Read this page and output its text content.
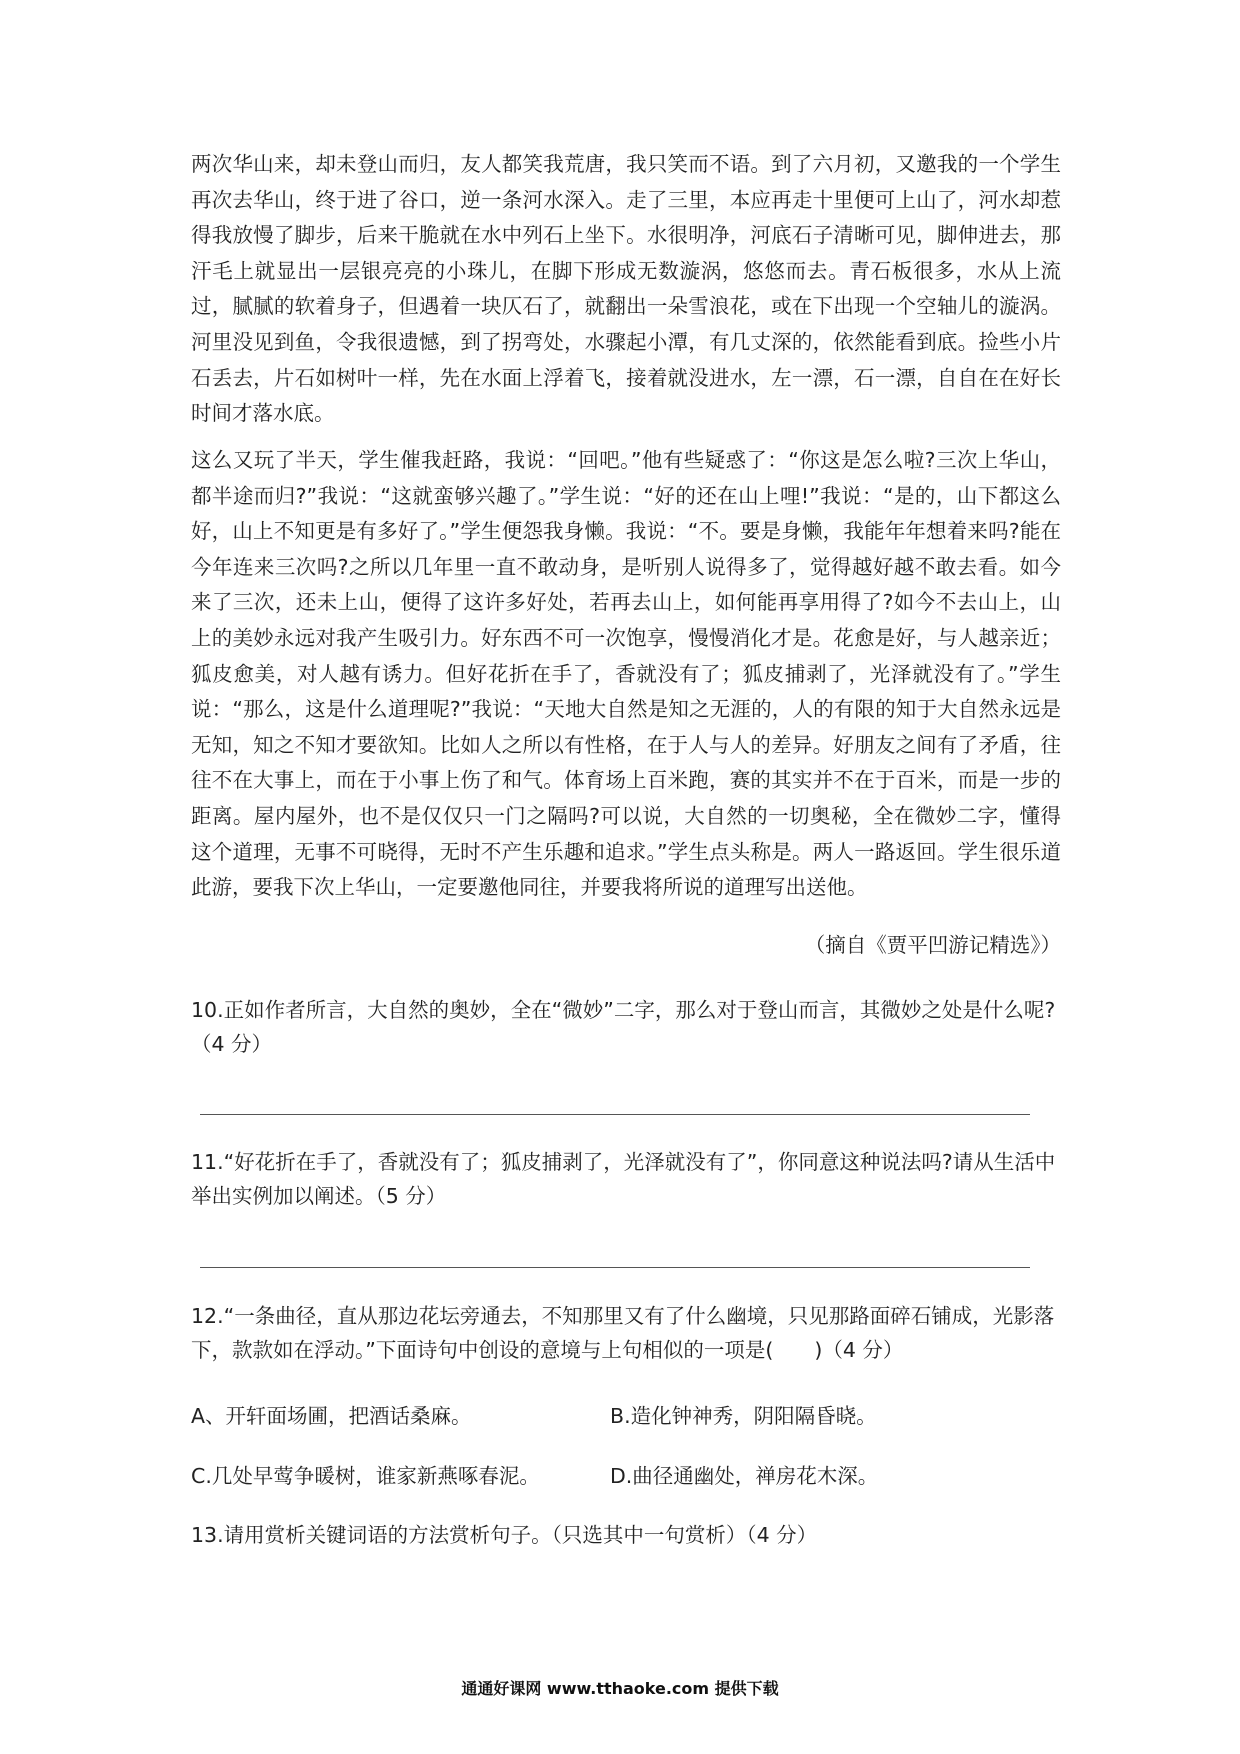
两次华山来，却未登山而归，友人都笑我荒唐，我只笑而不语。到了六月初，又邀我的一个学生再次去华山，终于进了谷口，逆一条河水深入。走了三里，本应再走十里便可上山了，河水却惹得我放慢了脚步，后来干脆就在水中列石上坐下。水很明净，河底石子清晰可见，脚伸进去，那汗毛上就显出一层银亮亮的小珠儿，在脚下形成无数漩涡，悠悠而去。青石板很多，水从上流过，腻腻的软着身子，但遇着一块仄石了，就翻出一朵雪浪花，或在下出现一个空轴儿的漩涡。河里没见到鱼，令我很遗憾，到了拐弯处，水骤起小潭，有几丈深的，依然能看到底。捡些小片石丢去，片石如树叶一样，先在水面上浮着飞，接着就没进水，左一漂，石一漂，自自在在好长时间才落水底。

这么又玩了半天，学生催我赶路，我说：“回吧。”他有些疑惑了：“你这是怎么啦?三次上华山，都半途而归?”我说：“这就蛮够兴趣了。”学生说：“好的还在山上哩!”我说：“是的，山下都这么好，山上不知更是有多好了。”学生便怨我身懒。我说：“不。要是身懒，我能年年想着来吗?能在今年连来三次吗?之所以几年里一直不敢动身，是听别人说得多了，觉得越好越不敢去看。如今来了三次，还未上山，便得了这许多好处，若再去山上，如何能再享用得了?如今不去山上，山上的美妙永远对我产生吸引力。好东西不可一次饱享，慢慢消化才是。花愈是好，与人越亲近；狐皮愈美，对人越有诱力。但好花折在手了，香就没有了；狐皮捕剥了，光泽就没有了。”学生说：“那么，这是什么道理呢?”我说：“天地大自然是知之无涯的，人的有限的知于大自然永远是无知，知之不知才要欲知。比如人之所以有性格，在于人与人的差异。好朋友之间有了矛盾，往往不在大事上，而在于小事上伤了和气。体育场上百米跑，赛的其实并不在于百米，而是一步的距离。屋内屋外，也不是仅仅只一门之隔吗?可以说，大自然的一切奥秘，全在微妙二字，懂得这个道理，无事不可晓得，无时不产生乐趣和追求。”学生点头称是。两人一路返回。学生很乐道此游，要我下次上华山，一定要邀他同往，并要我将所说的道理写出送他。

（摘自《贾平凹游记精选》）

10.正如作者所言，大自然的奥妙，全在“微妙”二字，那么对于登山而言，其微妙之处是什么呢?（4 分）

11.“好花折在手了，香就没有了；狐皮捕剥了，光泽就没有了”，你同意这种说法吗?请从生活中举出实例加以阐述。（5 分）

12.“一条曲径，直从那边花坛旁通去，不知那里又有了什么幽境，只见那路面碎石铺成，光影落下，款款如在浮动。”下面诗句中创设的意境与上句相似的一项是(　　)（4 分）

A、开轩面场圃，把酒话桑麻。	B.造化钟神秀，阴阳隔昏晓。

C.几处早莺争暖树，谁家新燕啄春泥。	D.曲径通幽处，禅房花木深。

13.请用赏析关键词语的方法赏析句子。（只选其中一句赏析）（4 分）

通通好课网 www.tthaoke.com 提供下载
